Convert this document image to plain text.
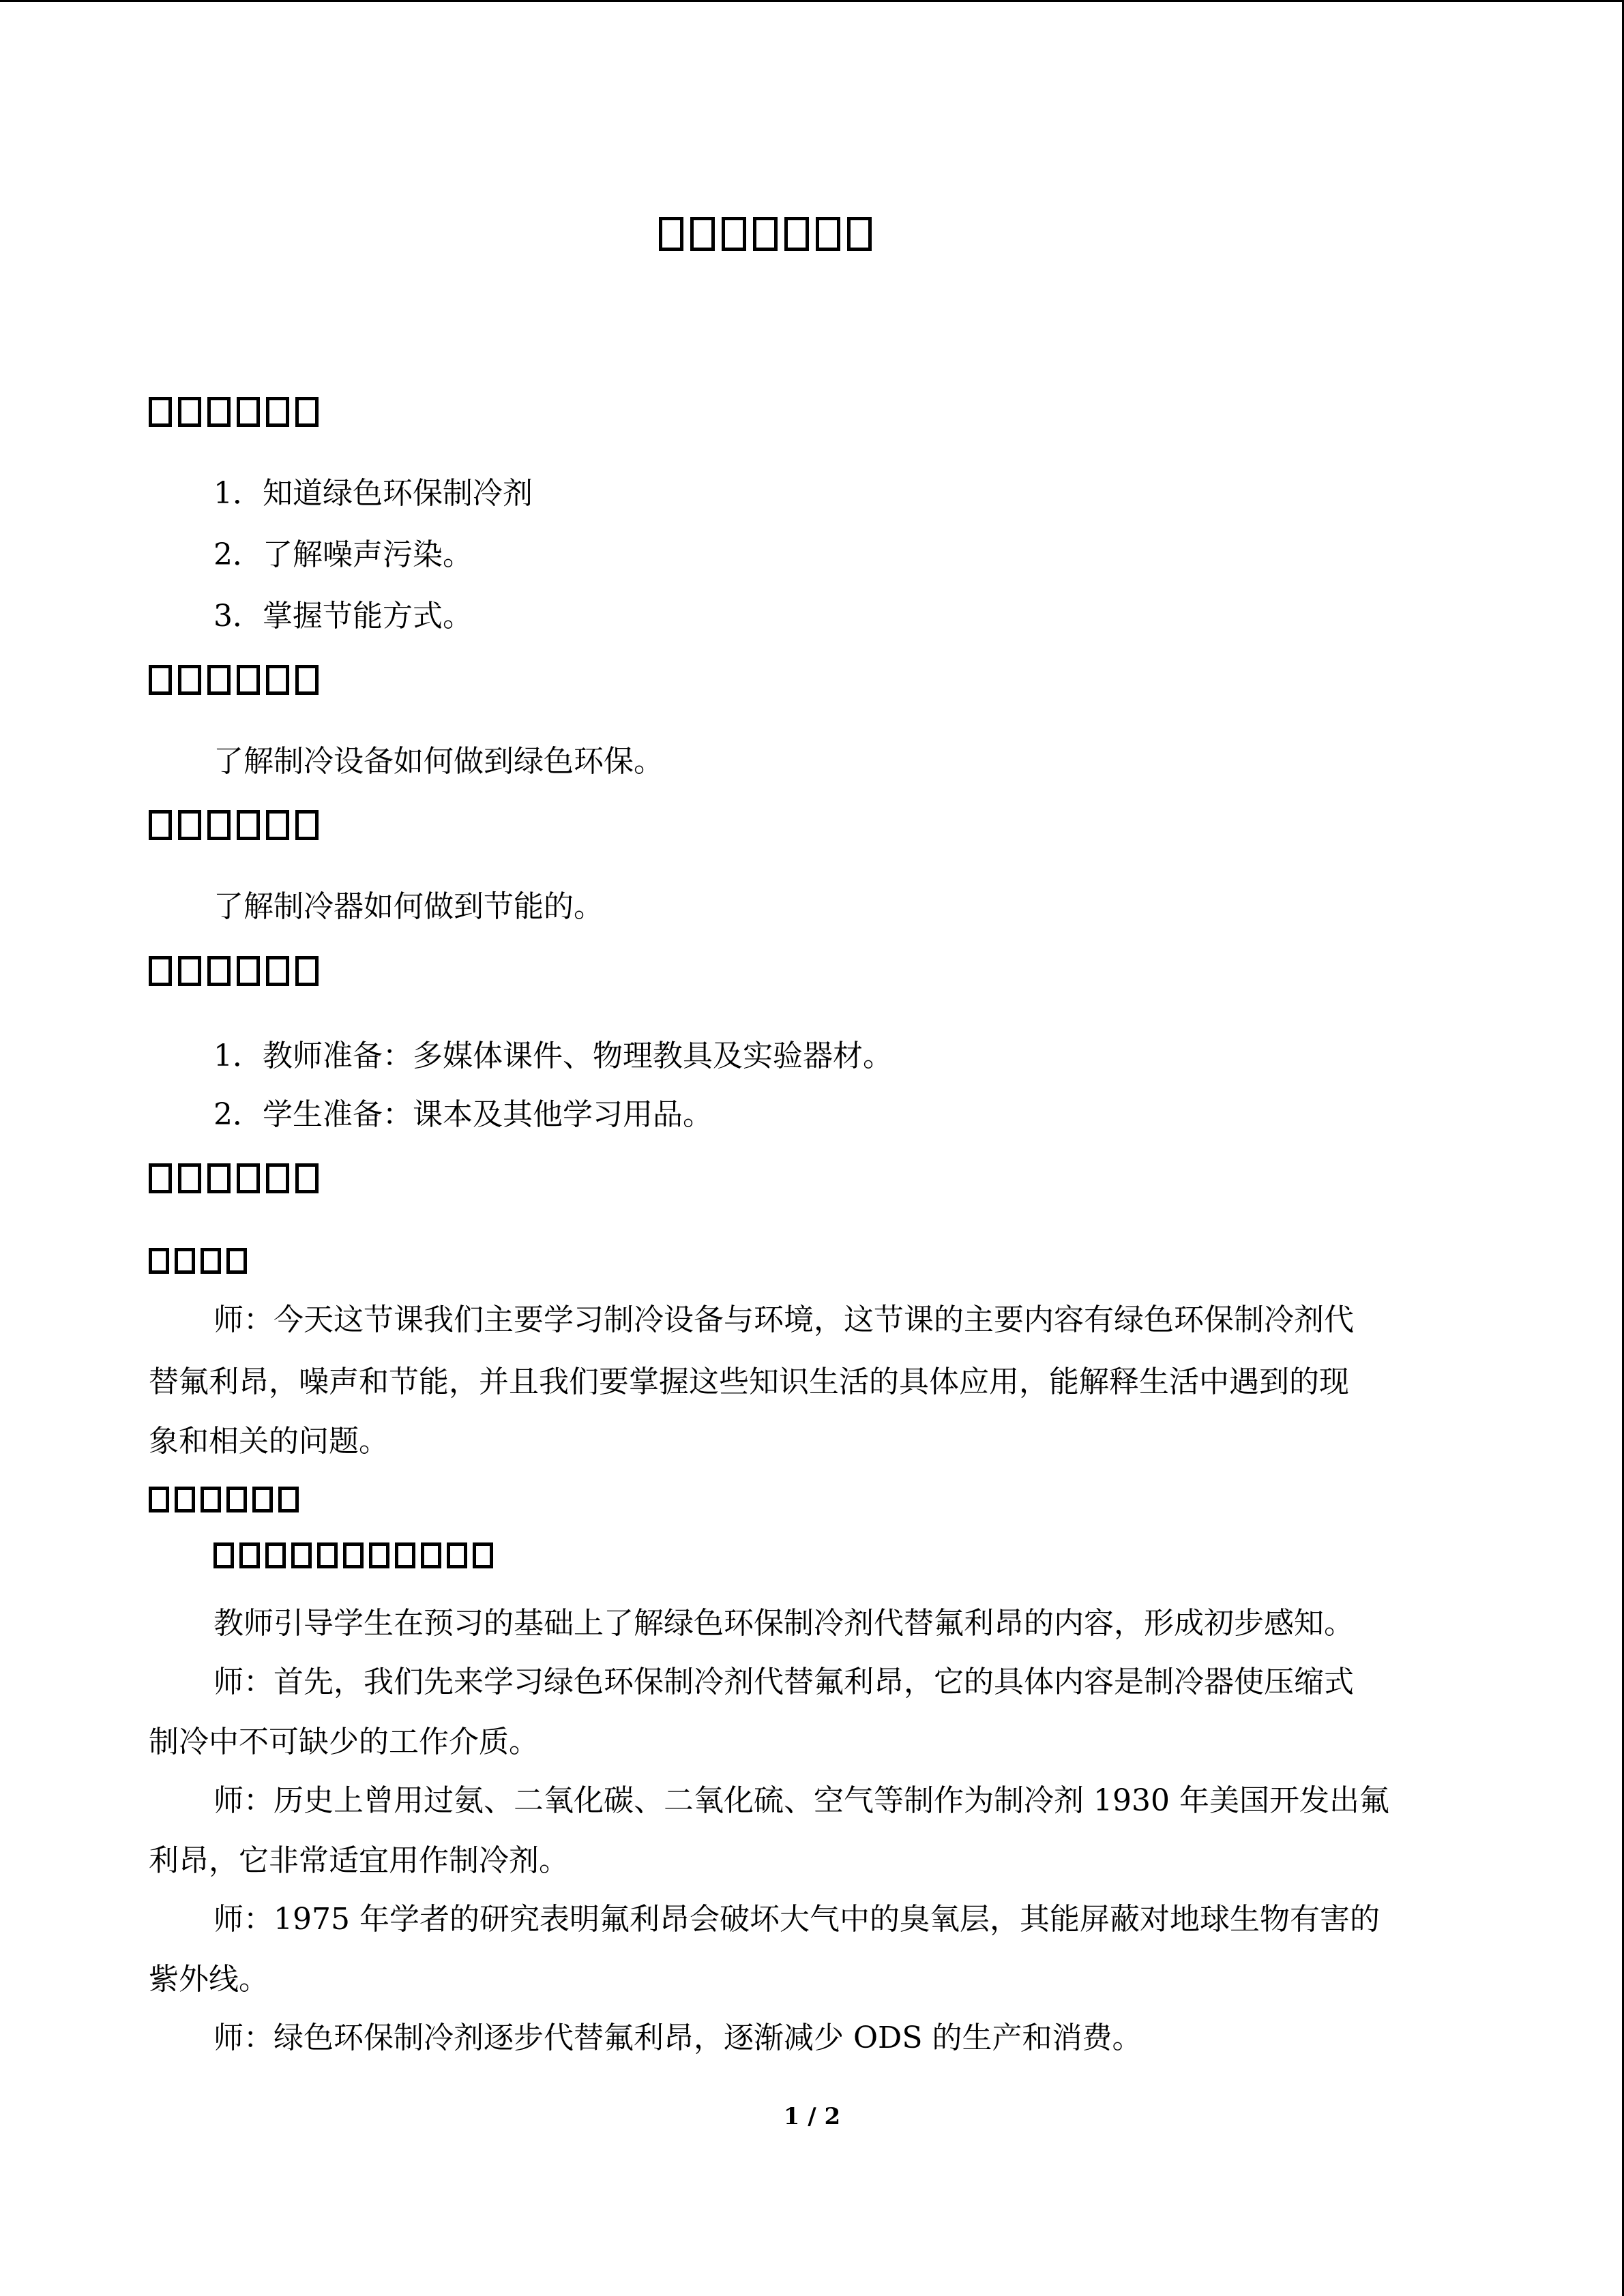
1．知道绿色环保制冷剂
2．了解噪声污染。
3．掌握节能方式。
了解制冷设备如何做到绿色环保。
了解制冷器如何做到节能的。
1．教师准备：多媒体课件、物理教具及实验器材。
2．学生准备：课本及其他学习用品。
师：今天这节课我们主要学习制冷设备与环境，这节课的主要内容有绿色环保制冷剂代
替氟利昂，噪声和节能，并且我们要掌握这些知识生活的具体应用，能解释生活中遇到的现
象和相关的问题。
教师引导学生在预习的基础上了解绿色环保制冷剂代替氟利昂的内容，形成初步感知。
师：首先，我们先来学习绿色环保制冷剂代替氟利昂，它的具体内容是制冷器使压缩式
制冷中不可缺少的工作介质。
师：历史上曾用过氨、二氧化碳、二氧化硫、空气等制作为制冷剂 1930 年美国开发出氟
利昂，它非常适宜用作制冷剂。
师：1975 年学者的研究表明氟利昂会破坏大气中的臭氧层，其能屏蔽对地球生物有害的
紫外线。
师：绿色环保制冷剂逐步代替氟利昂，逐渐减少 ODS 的生产和消费。
1 / 2
